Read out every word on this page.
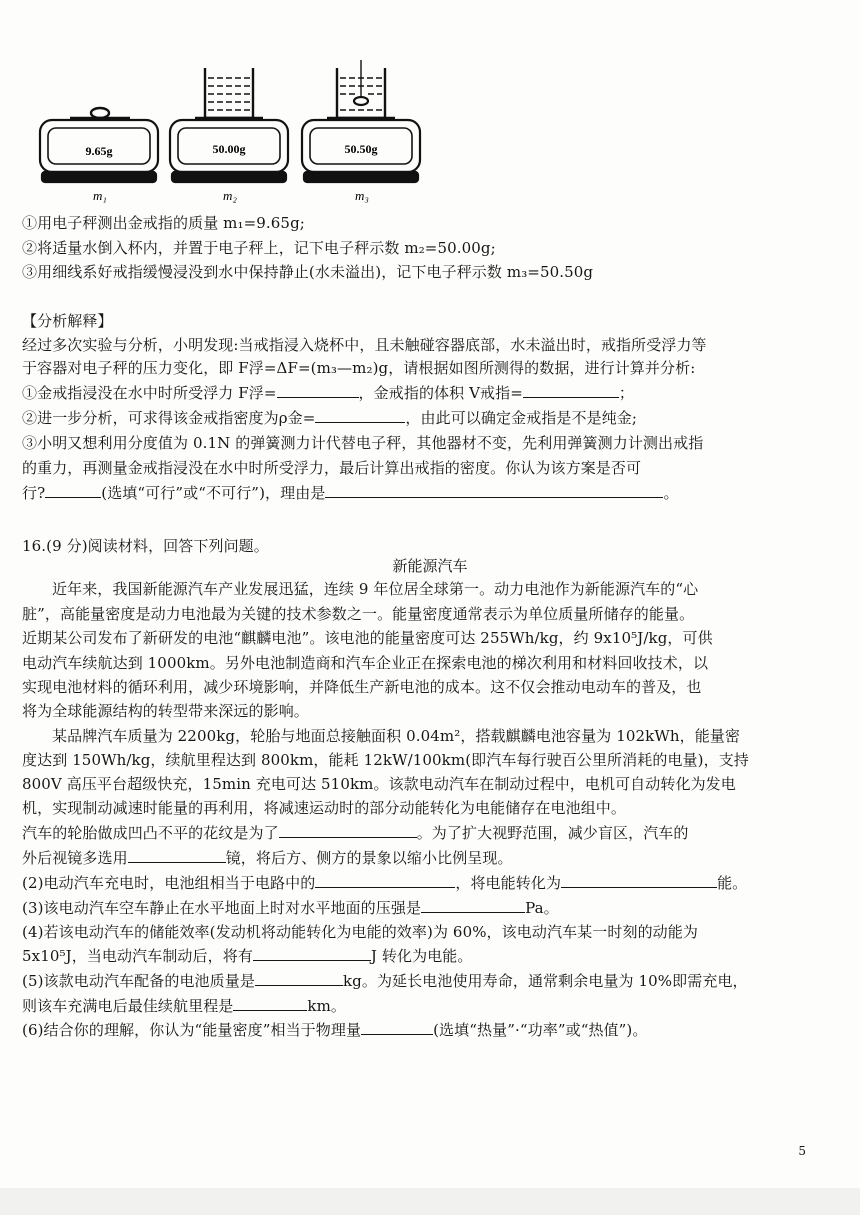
9.65g	50.00g	50.50g
m₁	m₂	m₃
①用电子秤测出金戒指的质量 m₁=9.65g;
②将适量水倒入杯内，并置于电子秤上，记下电子秤示数 m₂=50.00g;
③用细线系好戒指缓慢浸没到水中保持静止(水未溢出)，记下电子秤示数 m₃=50.50g
【分析解释】
经过多次实验与分析，小明发现:当戒指浸入烧杯中，且未触碰容器底部，水未溢出时，戒指所受浮力等
于容器对电子秤的压力变化，即 F浮=ΔF=(m₃—m₂)g，请根据如图所测得的数据，进行计算并分析:
①金戒指浸没在水中时所受浮力 F浮=	，金戒指的体积 V戒指=	；
②进一步分析，可求得该金戒指密度为ρ金=	，由此可以确定金戒指是不是纯金;
③小明又想利用分度值为 0.1N 的弹簧测力计代替电子秤，其他器材不变，先利用弹簧测力计测出戒指
的重力，再测量金戒指浸没在水中时所受浮力，最后计算出戒指的密度。你认为该方案是否可
行?	(选填“可行”或“不可行”)，理由是	。
16.(9 分)阅读材料，回答下列问题。
新能源汽车
近年来，我国新能源汽车产业发展迅猛，连续 9 年位居全球第一。动力电池作为新能源汽车的“心
脏”，高能量密度是动力电池最为关键的技术参数之一。能量密度通常表示为单位质量所储存的能量。
近期某公司发布了新研发的电池“麒麟电池”。该电池的能量密度可达 255Wh/kg，约 9x10⁵J/kg，可供
电动汽车续航达到 1000km。另外电池制造商和汽车企业正在探索电池的梯次利用和材料回收技术，以
实现电池材料的循环利用，减少环境影响，并降低生产新电池的成本。这不仅会推动电动车的普及，也
将为全球能源结构的转型带来深远的影响。
某品牌汽车质量为 2200kg，轮胎与地面总接触面积 0.04m²，搭载麒麟电池容量为 102kWh，能量密
度达到 150Wh/kg，续航里程达到 800km，能耗 12kW/100km(即汽车每行驶百公里所消耗的电量)，支持
800V 高压平台超级快充，15min 充电可达 510km。该款电动汽车在制动过程中，电机可自动转化为发电
机，实现制动减速时能量的再利用，将减速运动时的部分动能转化为电能储存在电池组中。
汽车的轮胎做成凹凸不平的花纹是为了	。为了扩大视野范围，减少盲区，汽车的
外后视镜多选用	镜，将后方、侧方的景象以缩小比例呈现。
(2)电动汽车充电时，电池组相当于电路中的	，将电能转化为	能。
(3)该电动汽车空车静止在水平地面上时对水平地面的压强是	Pa。
(4)若该电动汽车的储能效率(发动机将动能转化为电能的效率)为 60%，该电动汽车某一时刻的动能为
5x10⁵J，当电动汽车制动后，将有	J 转化为电能。
(5)该款电动汽车配备的电池质量是	kg。为延长电池使用寿命，通常剩余电量为 10%即需充电，
则该车充满电后最佳续航里程是	km。
(6)结合你的理解，你认为“能量密度”相当于物理量	(选填“热量”·“功率”或“热值”)。
5
